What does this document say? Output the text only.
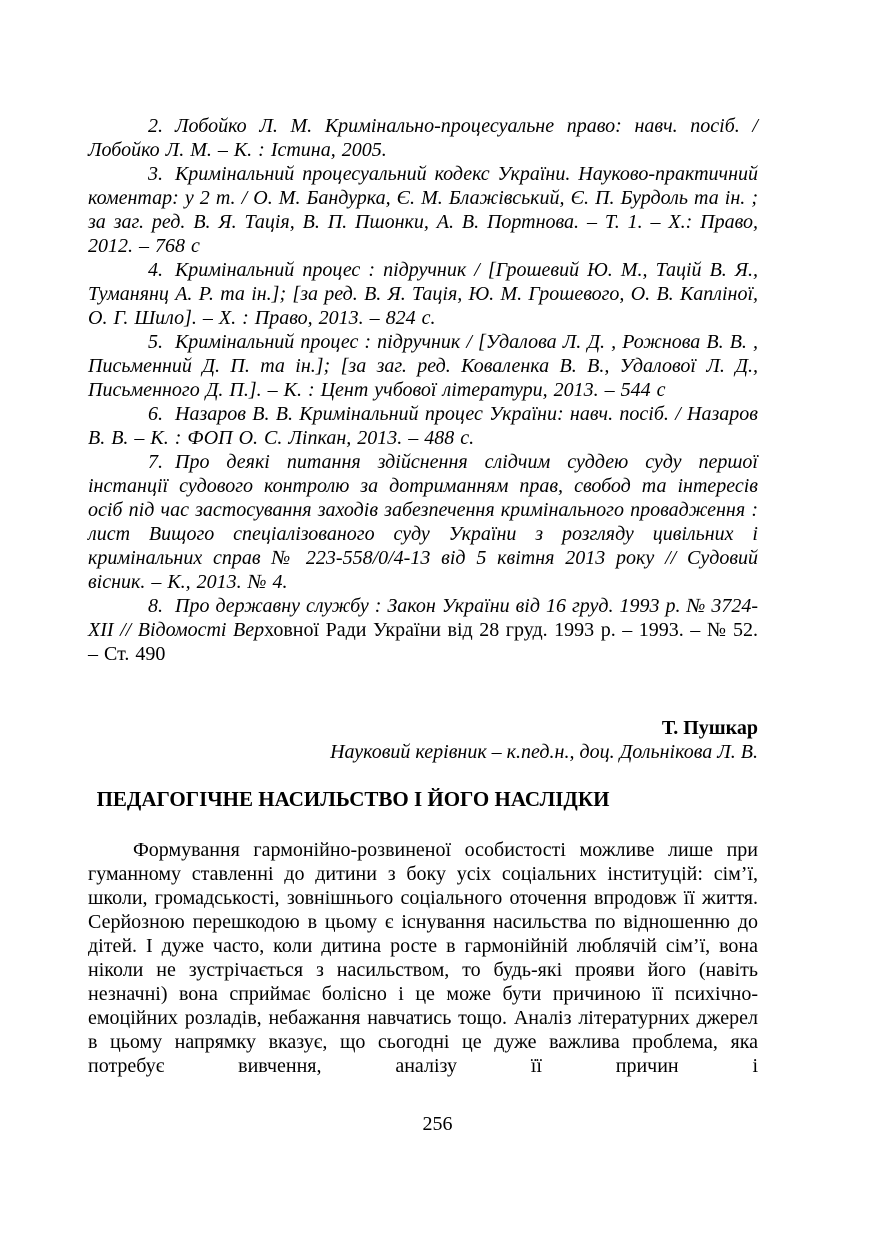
2. Лобойко Л. М. Кримінально-процесуальне право: навч. посіб. / Лобойко Л. М. – К. : Істина, 2005.

3. Кримінальний процесуальний кодекс України. Науково-практичний коментар: у 2 т. / О. М. Бандурка, Є. М. Блажівський, Є. П. Бурдоль та ін. ; за заг. ред. В. Я. Тація, В. П. Пшонки, А. В. Портнова. – Т. 1. – Х.: Право, 2012. – 768 с

4. Кримінальний процес : підручник / [Грошевий Ю. М., Тацій В. Я., Туманянц А. Р. та ін.]; [за ред. В. Я. Тація, Ю. М. Грошевого, О. В. Капліної, О. Г. Шило]. – Х. : Право, 2013. – 824 с.

5. Кримінальний процес : підручник / [Удалова Л. Д. , Рожнова В. В. , Письменний Д. П. та ін.]; [за заг. ред. Коваленка В. В., Удалової Л. Д., Письменного Д. П.]. – К. : Цент учбової літератури, 2013. – 544 с

6. Назаров В. В. Кримінальний процес України: навч. посіб. / Назаров В. В. – К. : ФОП О. С. Ліпкан, 2013. – 488 с.

7. Про деякі питання здійснення слідчим суддею суду першої інстанції судового контролю за дотриманням прав, свобод та інтересів осіб під час застосування заходів забезпечення кримінального провадження : лист Вищого спеціалізованого суду України з розгляду цивільних і кримінальних справ № 223-558/0/4-13 від 5 квітня 2013 року // Судовий вісник. – К., 2013. № 4.

8. Про державну службу : Закон України від 16 груд. 1993 р. № 3724-XII // Відомості Верховної Ради України від 28 груд. 1993 р. – 1993. – № 52. – Ст. 490

Т. Пушкар

Науковий керівник – к.пед.н., доц. Дольнікова Л. В.

ПЕДАГОГІЧНЕ НАСИЛЬСТВО І ЙОГО НАСЛІДКИ

Формування гармонійно-розвиненої особистості можливе лише при гуманному ставленні до дитини з боку усіх соціальних інституцій: сім’ї, школи, громадськості, зовнішнього соціального оточення впродовж її життя. Серйозною перешкодою в цьому є існування насильства по відношенню до дітей. І дуже часто, коли дитина росте в гармонійній люблячій сім’ї, вона ніколи не зустрічається з насильством, то будь-які прояви його (навіть незначні) вона сприймає болісно і це може бути причиною її психічно-емоційних розладів, небажання навчатись тощо. Аналіз літературних джерел в цьому напрямку вказує, що сьогодні це дуже важлива проблема, яка потребує вивчення, аналізу її причин і

256
